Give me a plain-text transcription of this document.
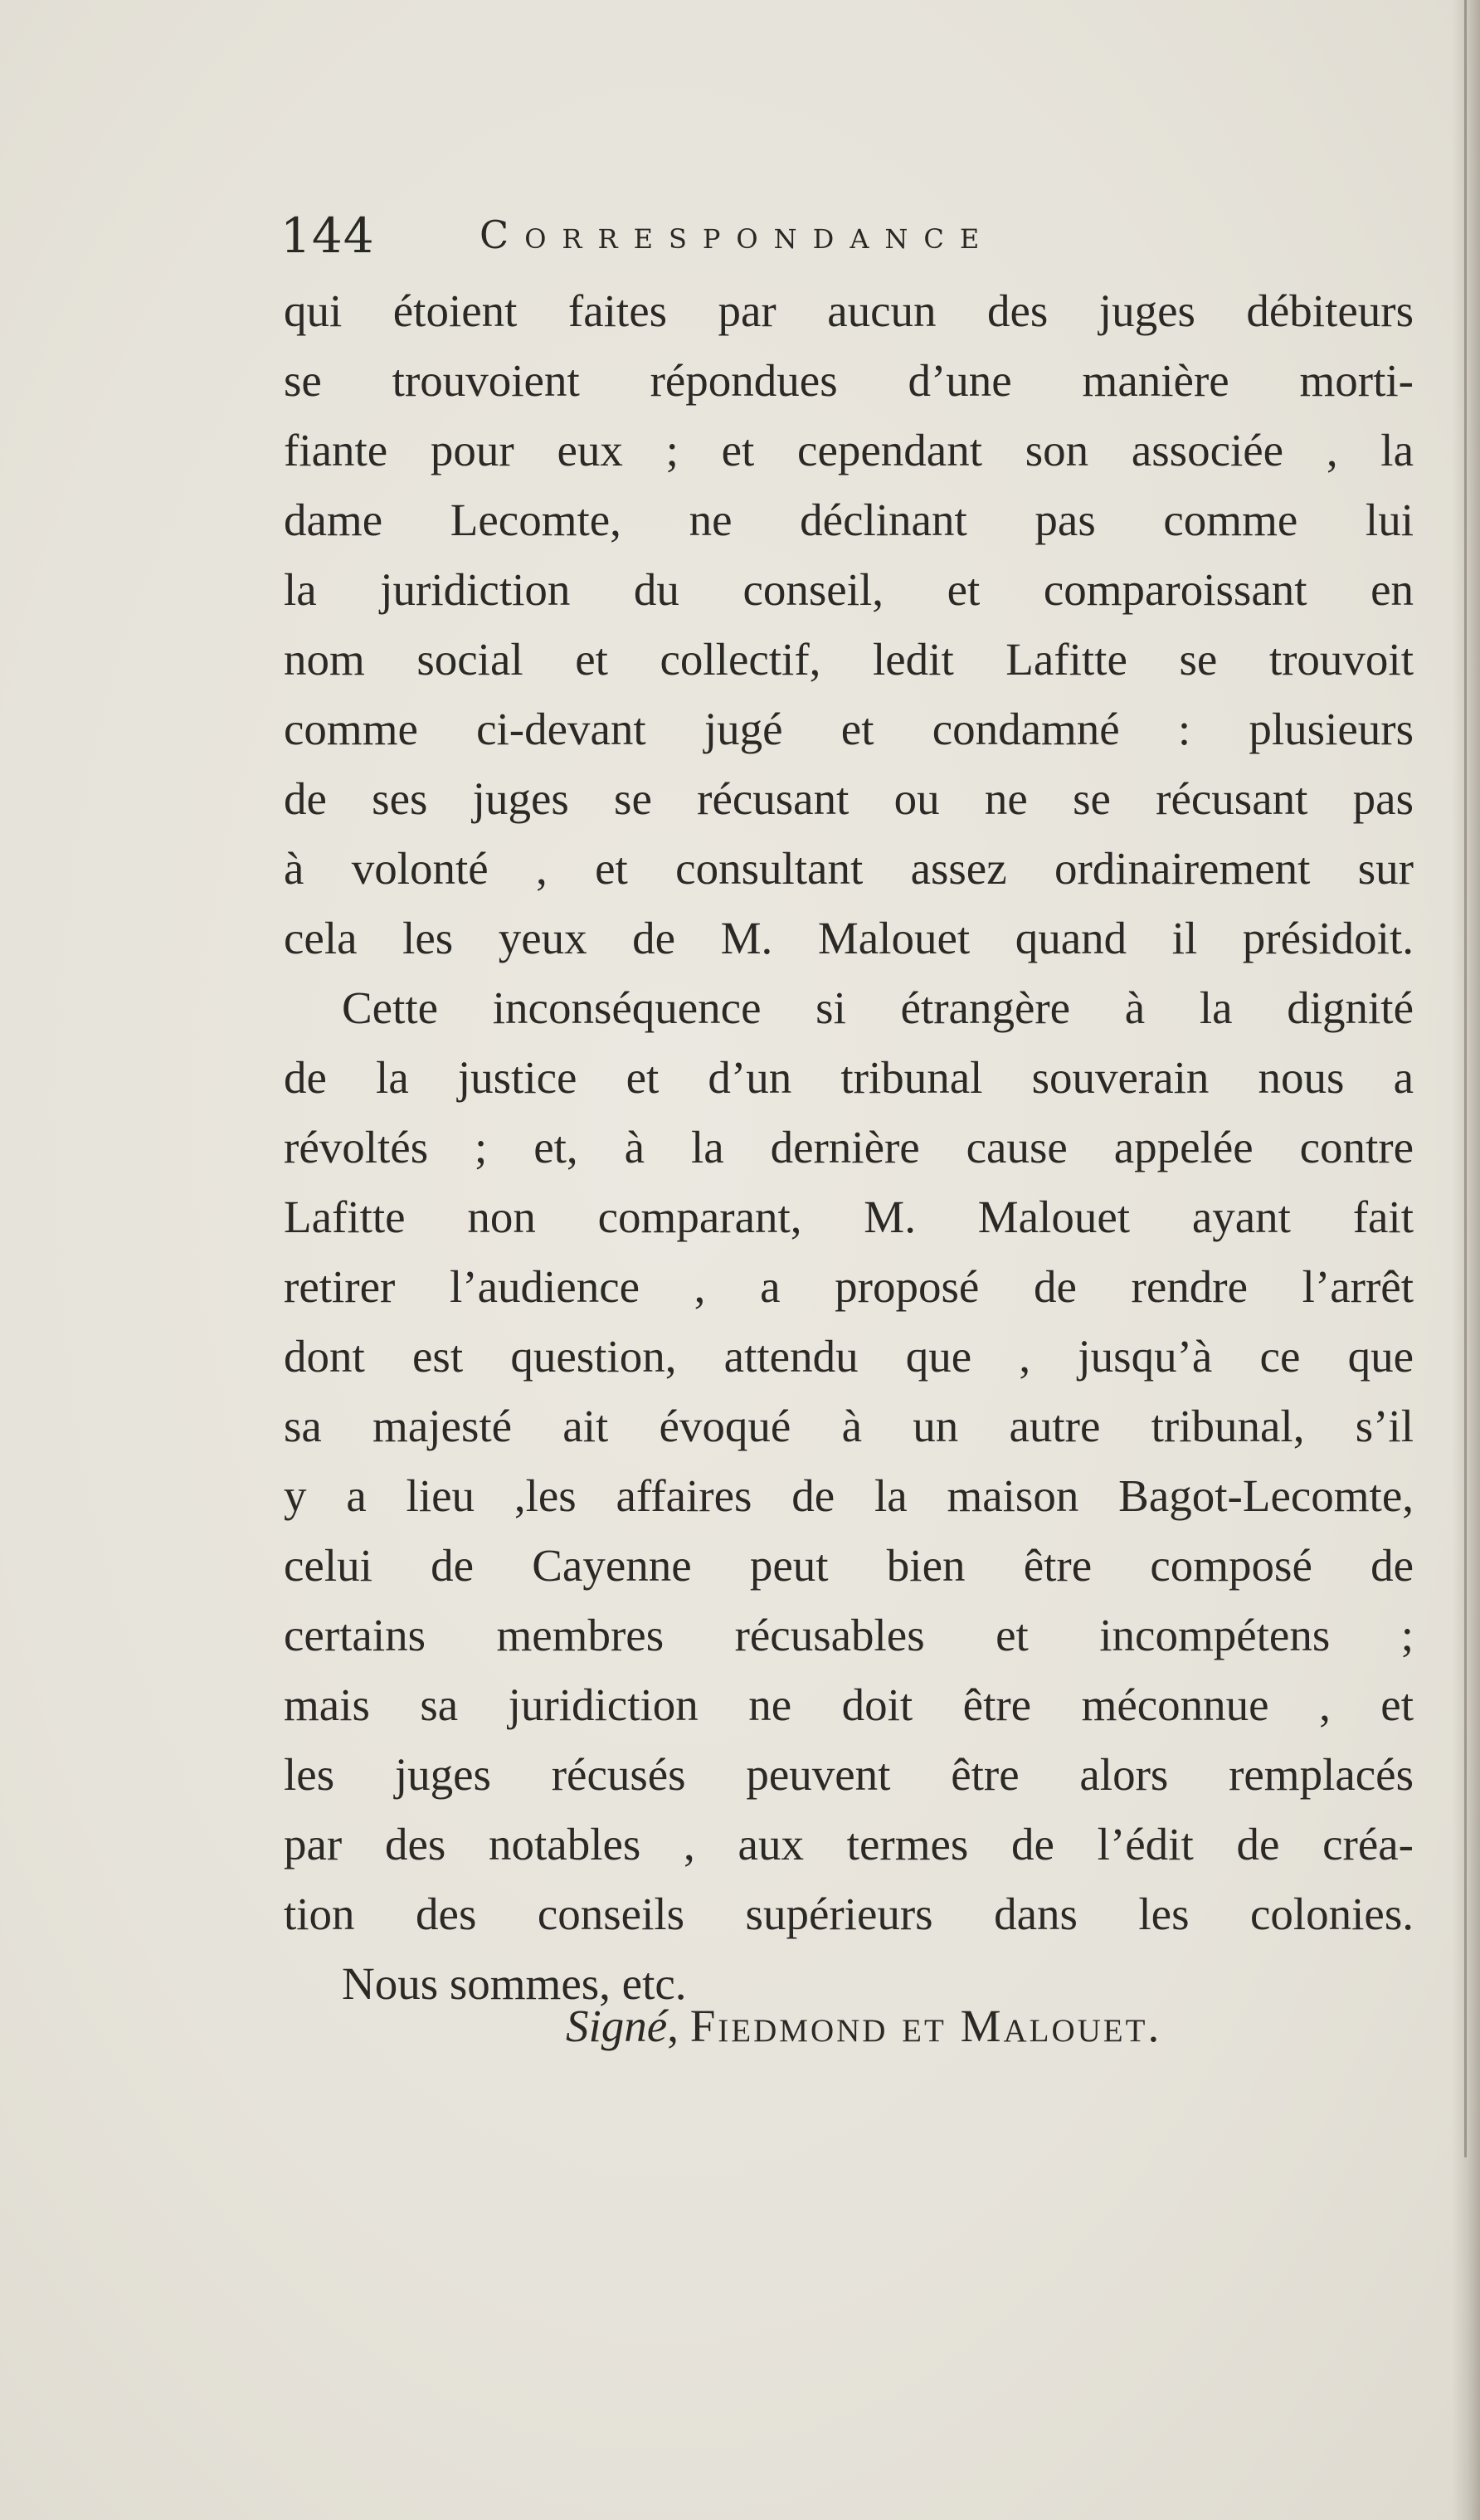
144	Correspondance
qui étoient faites par aucun des juges débiteurs
se trouvoient répondues d’une manière morti-
fiante pour eux ; et cependant son associée , la
dame Lecomte, ne déclinant pas comme lui
la juridiction du conseil, et comparoissant en
nom social et collectif, ledit Lafitte se trouvoit
comme ci-devant jugé et condamné : plusieurs
de ses juges se récusant ou ne se récusant pas
à volonté , et consultant assez ordinairement sur
cela les yeux de M. Malouet quand il présidoit.
Cette inconséquence si étrangère à la dignité
de la justice et d’un tribunal souverain nous a
révoltés ; et, à la dernière cause appelée contre
Lafitte non comparant, M. Malouet ayant fait
retirer l’audience , a proposé de rendre l’arrêt
dont est question, attendu que , jusqu’à ce que
sa majesté ait évoqué à un autre tribunal, s’il
y a lieu ,les affaires de la maison Bagot-Lecomte,
celui de Cayenne peut bien être composé de
certains membres récusables et incompétens ;
mais sa juridiction ne doit être méconnue , et
les juges récusés peuvent être alors remplacés
par des notables , aux termes de l’édit de créa-
tion des conseils supérieurs dans les colonies.
Nous sommes, etc.
Signé, Fiedmond et Malouet.
